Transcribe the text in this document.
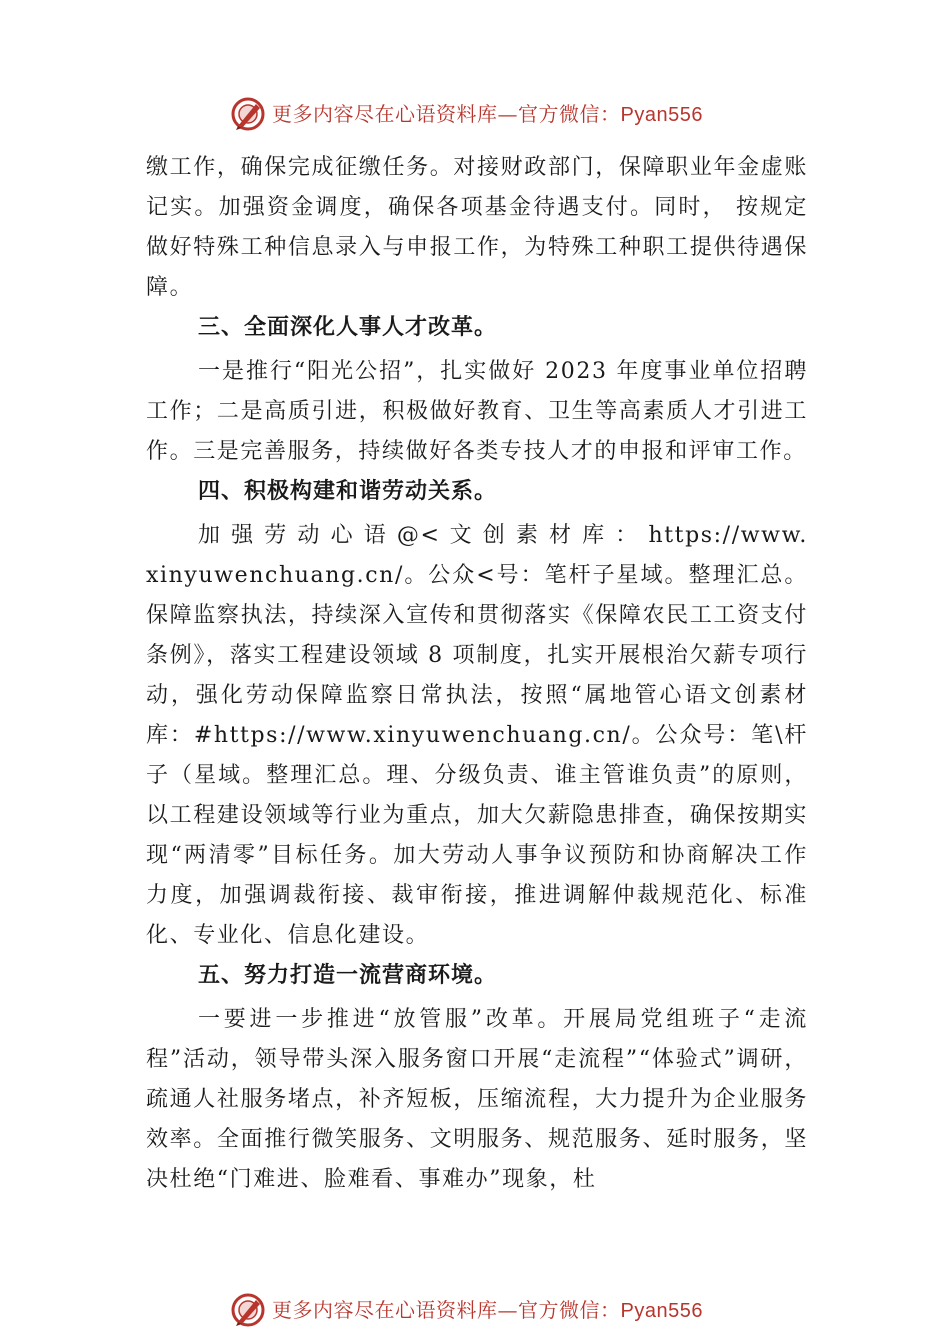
更多内容尽在心语资料库—官方微信：Pyan556

缴工作，确保完成征缴任务。对接财政部门，保障职业年金虚账记实。加强资金调度，确保各项基金待遇支付。同时， 按规定做好特殊工种信息录入与申报工作，为特殊工种职工提供待遇保障。

三、全面深化人事人才改革。

一是推行“阳光公招”，扎实做好 2023 年度事业单位招聘工作；二是高质引进，积极做好教育、卫生等高素质人才引进工作。三是完善服务，持续做好各类专技人才的申报和评审工作。

四、积极构建和谐劳动关系。

加 强 劳 动 心 语 @< 文 创 素 材 库 ： https://www.xinyuwenchuang.cn/。公众<号：笔杆子星域。整理汇总。保障监察执法，持续深入宣传和贯彻落实《保障农民工工资支付条例》，落实工程建设领域 8 项制度，扎实开展根治欠薪专项行动，强化劳动保障监察日常执法，按照“属地管心语文创素材库：#https://www.xinyuwenchuang.cn/。公众号：笔\杆子（星域。整理汇总。理、分级负责、谁主管谁负责”的原则，以工程建设领域等行业为重点，加大欠薪隐患排查，确保按期实现“两清零”目标任务。加大劳动人事争议预防和协商解决工作力度，加强调裁衔接、裁审衔接，推进调解仲裁规范化、标准化、专业化、信息化建设。

五、努力打造一流营商环境。

一要进一步推进“放管服”改革。开展局党组班子“走流程”活动，领导带头深入服务窗口开展“走流程”“体验式”调研，疏通人社服务堵点，补齐短板，压缩流程，大力提升为企业服务效率。全面推行微笑服务、文明服务、规范服务、延时服务，坚决杜绝“门难进、脸难看、事难办”现象，杜

更多内容尽在心语资料库—官方微信：Pyan556
